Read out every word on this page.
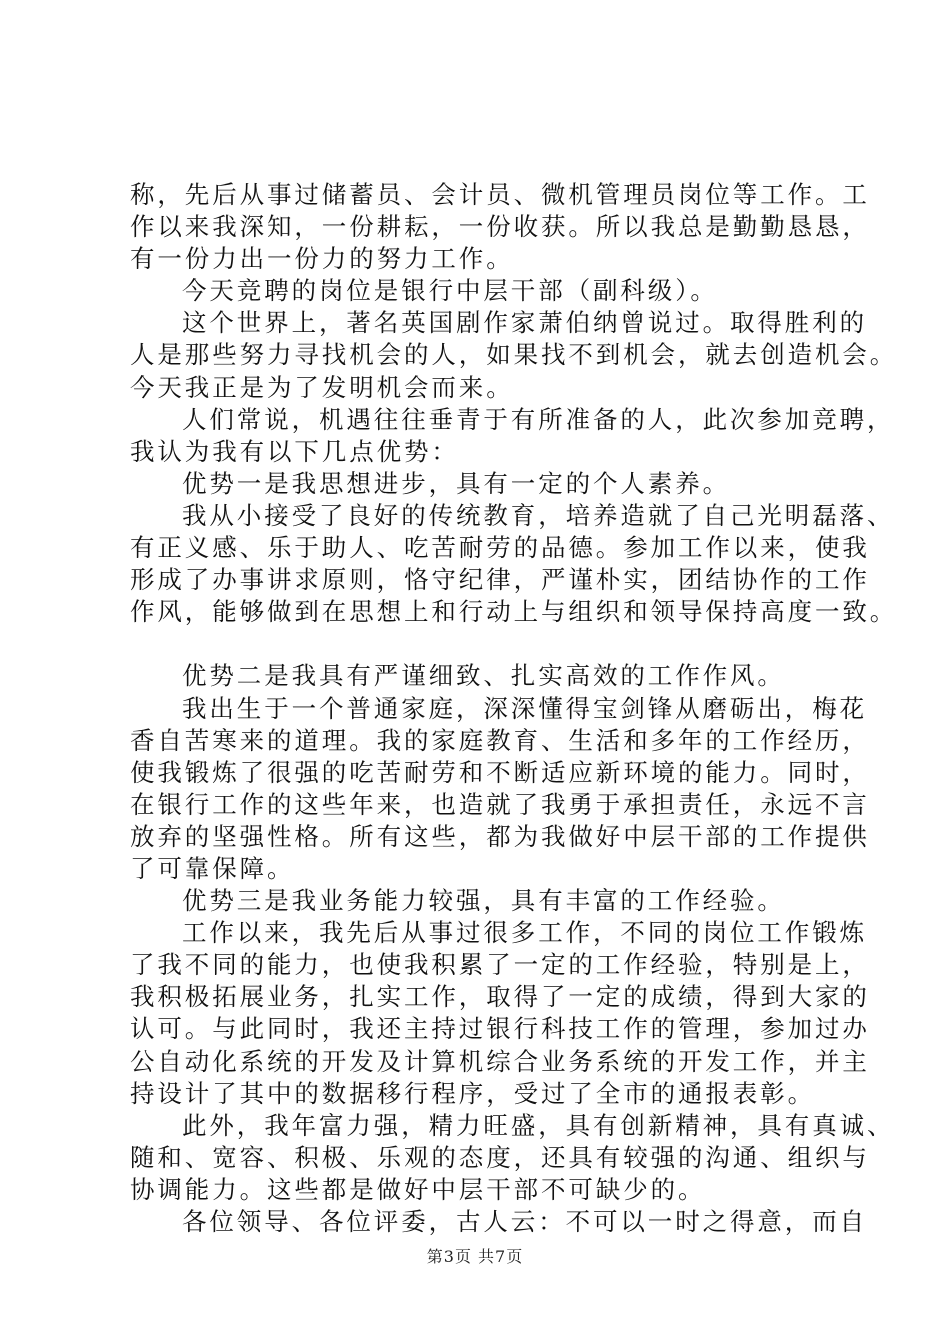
称，先后从事过储蓄员、会计员、微机管理员岗位等工作。工
作以来我深知，一份耕耘，一份收获。所以我总是勤勤恳恳，
有一份力出一份力的努力工作。
今天竞聘的岗位是银行中层干部（副科级）。
这个世界上，著名英国剧作家萧伯纳曾说过。取得胜利的
人是那些努力寻找机会的人，如果找不到机会，就去创造机会。
今天我正是为了发明机会而来。
人们常说，机遇往往垂青于有所准备的人，此次参加竞聘，
我认为我有以下几点优势：
优势一是我思想进步，具有一定的个人素养。
我从小接受了良好的传统教育，培养造就了自己光明磊落、
有正义感、乐于助人、吃苦耐劳的品德。参加工作以来，使我
形成了办事讲求原则，恪守纪律，严谨朴实，团结协作的工作
作风，能够做到在思想上和行动上与组织和领导保持高度一致。
优势二是我具有严谨细致、扎实高效的工作作风。
我出生于一个普通家庭，深深懂得宝剑锋从磨砺出，梅花
香自苦寒来的道理。我的家庭教育、生活和多年的工作经历，
使我锻炼了很强的吃苦耐劳和不断适应新环境的能力。同时，
在银行工作的这些年来，也造就了我勇于承担责任，永远不言
放弃的坚强性格。所有这些，都为我做好中层干部的工作提供
了可靠保障。
优势三是我业务能力较强，具有丰富的工作经验。
工作以来，我先后从事过很多工作，不同的岗位工作锻炼
了我不同的能力，也使我积累了一定的工作经验，特别是上，
我积极拓展业务，扎实工作，取得了一定的成绩，得到大家的
认可。与此同时，我还主持过银行科技工作的管理，参加过办
公自动化系统的开发及计算机综合业务系统的开发工作，并主
持设计了其中的数据移行程序，受过了全市的通报表彰。
此外，我年富力强，精力旺盛，具有创新精神，具有真诚、
随和、宽容、积极、乐观的态度，还具有较强的沟通、组织与
协调能力。这些都是做好中层干部不可缺少的。
各位领导、各位评委，古人云：不可以一时之得意，而自
第3页 共7页
